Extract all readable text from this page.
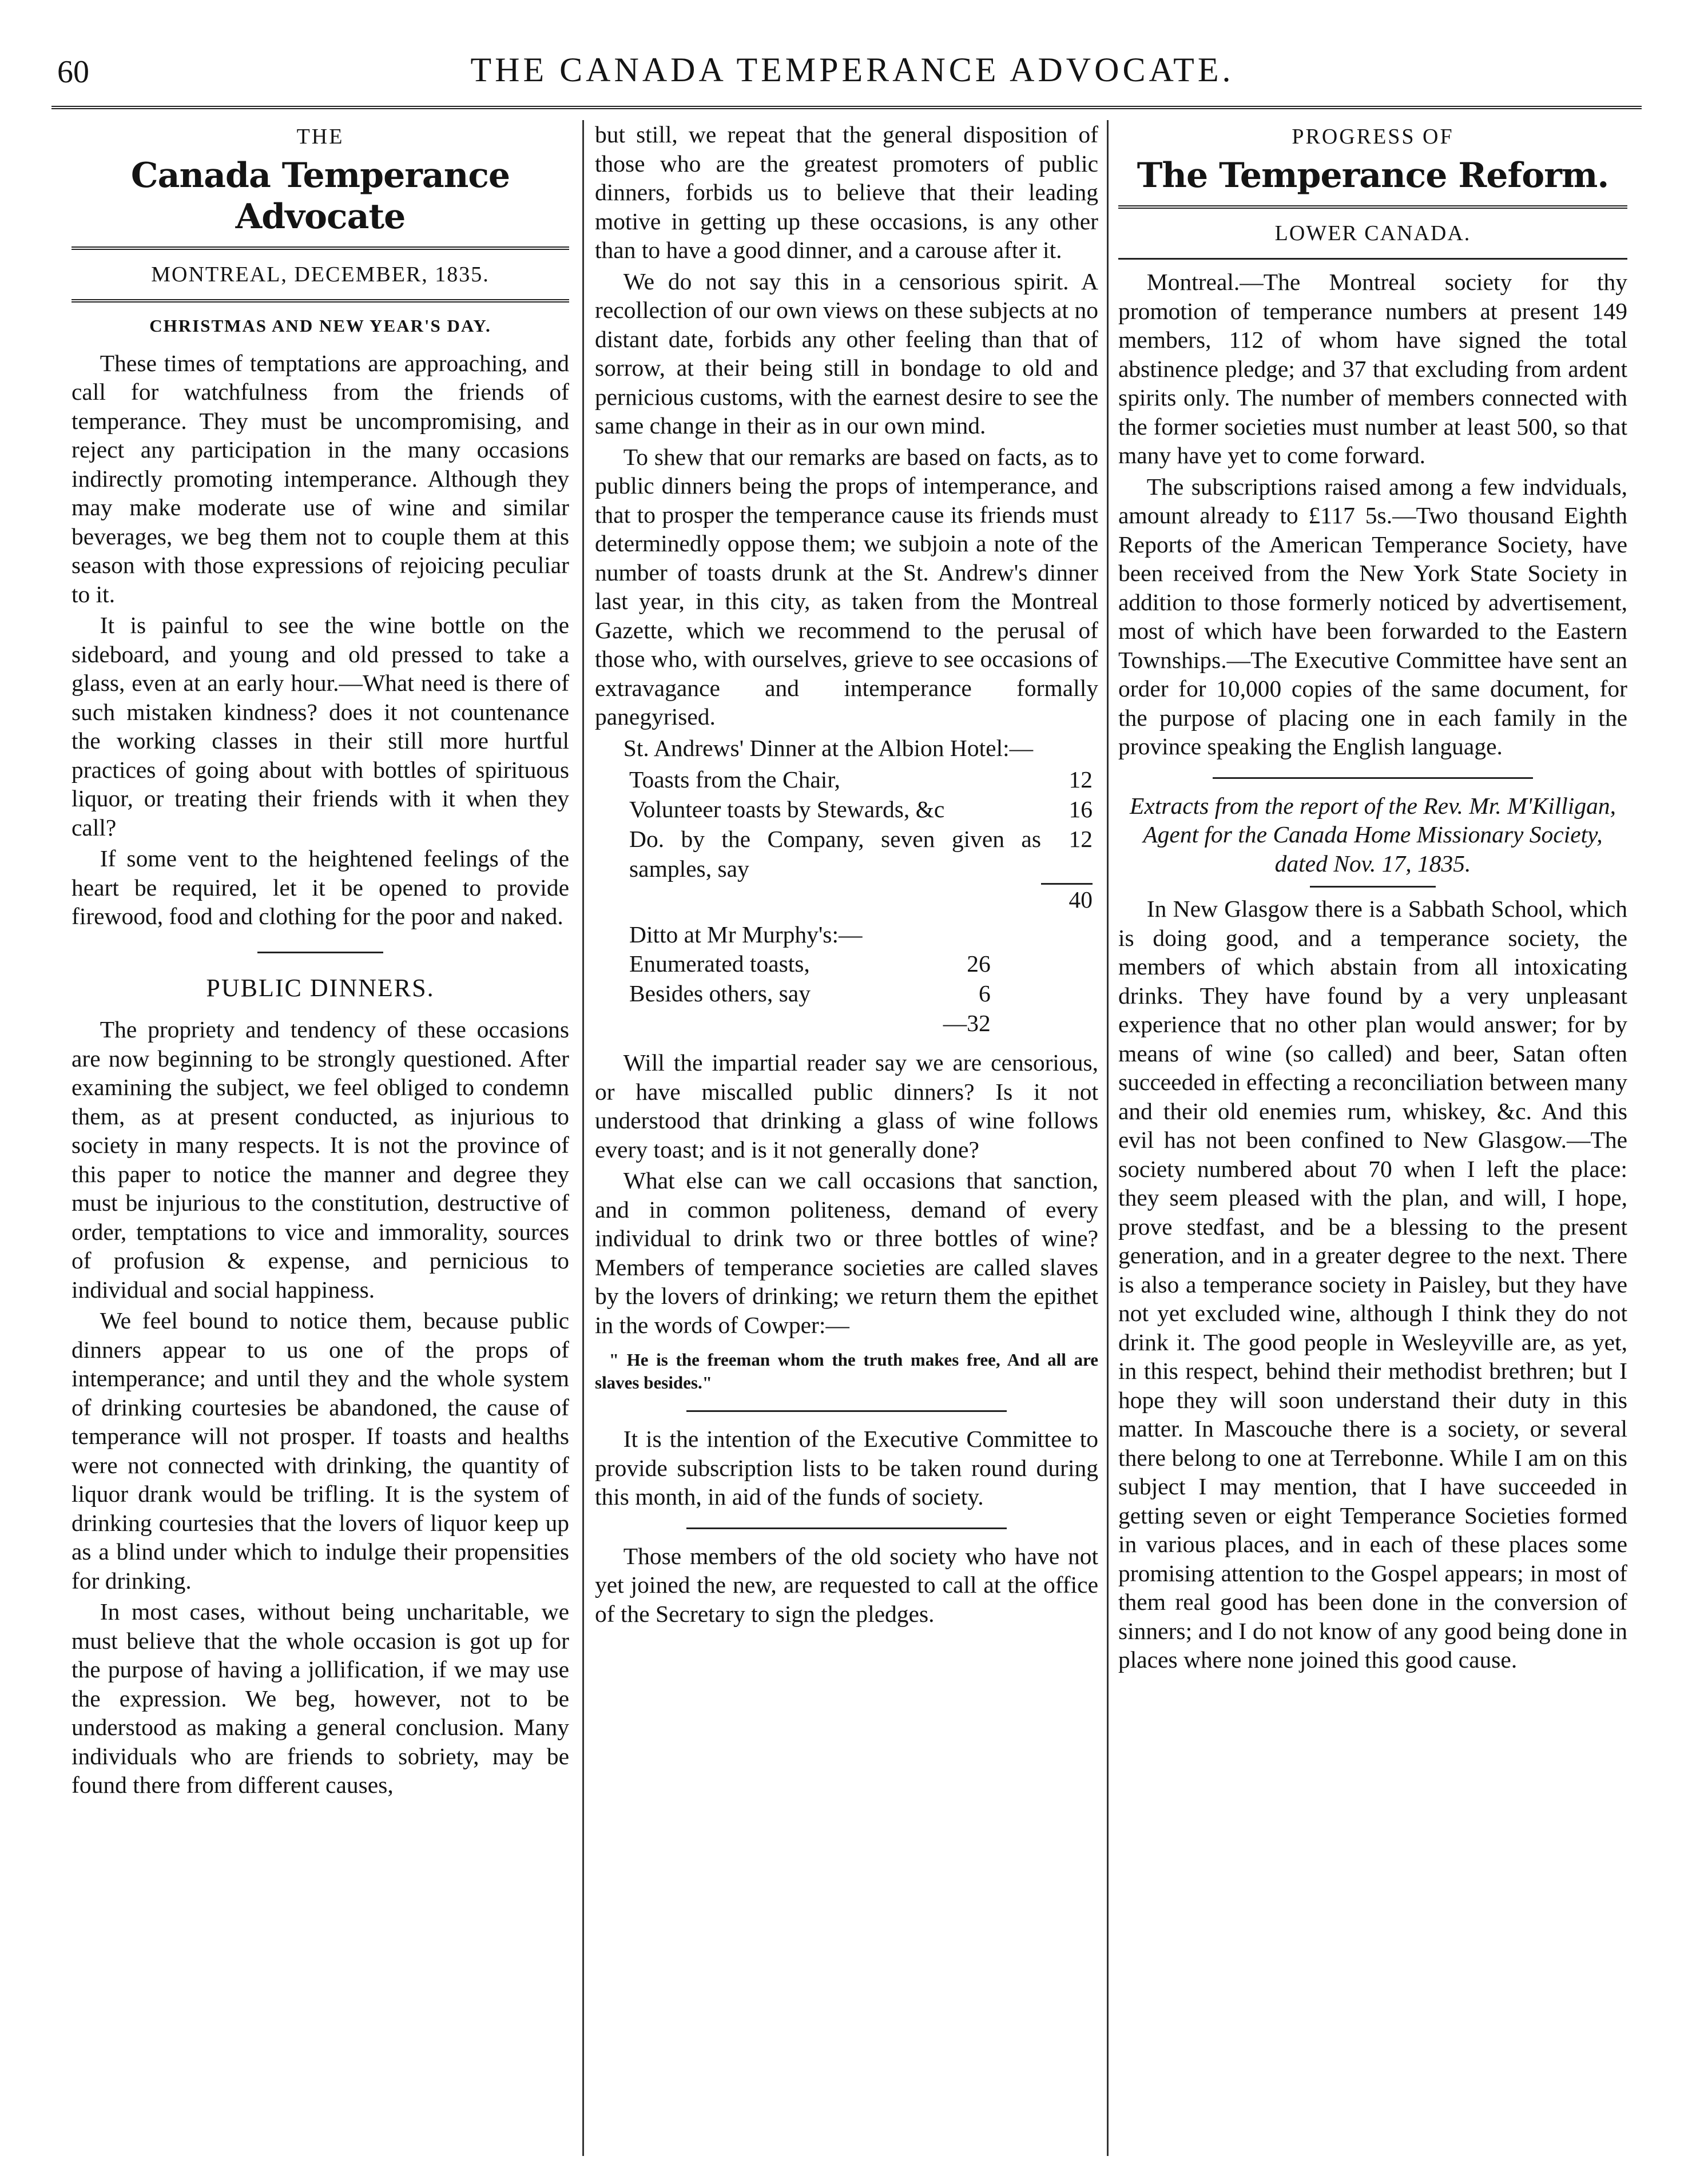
60	THE CANADA TEMPERANCE ADVOCATE.
THE
Canada Temperance Advocate
MONTREAL, DECEMBER, 1835.
CHRISTMAS AND NEW YEAR'S DAY.

These times of temptations are approaching, and call for watchfulness from the friends of temperance. They must be uncompromising, and reject any participation in the many occasions indirectly promoting intemperance. Although they may make moderate use of wine and similar beverages, we beg them not to couple them at this season with those expressions of rejoicing peculiar to it.

It is painful to see the wine bottle on the sideboard, and young and old pressed to take a glass, even at an early hour.—What need is there of such mistaken kindness? does it not countenance the working classes in their still more hurtful practices of going about with bottles of spirituous liquor, or treating their friends with it when they call?

If some vent to the heightened feelings of the heart be required, let it be opened to provide firewood, food and clothing for the poor and naked.

PUBLIC DINNERS.

The propriety and tendency of these occasions are now beginning to be strongly questioned. After examining the subject, we feel obliged to condemn them, as at present conducted, as injurious to society in many respects. It is not the province of this paper to notice the manner and degree they must be injurious to the constitution, destructive of order, temptations to vice and immorality, sources of profusion & expense, and pernicious to individual and social happiness.

We feel bound to notice them, because public dinners appear to us one of the props of intemperance; and until they and the whole system of drinking courtesies be abandoned, the cause of temperance will not prosper. If toasts and healths were not connected with drinking, the quantity of liquor drank would be trifling. It is the system of drinking courtesies that the lovers of liquor keep up as a blind under which to indulge their propensities for drinking.

In most cases, without being uncharitable, we must believe that the whole occasion is got up for the purpose of having a jollification, if we may use the expression. We beg, however, not to be understood as making a general conclusion. Many individuals who are friends to sobriety, may be found there from different causes,

but still, we repeat that the general disposition of those who are the greatest promoters of public dinners, forbids us to believe that their leading motive in getting up these occasions, is any other than to have a good dinner, and a carouse after it.

We do not say this in a censorious spirit. A recollection of our own views on these subjects at no distant date, forbids any other feeling than that of sorrow, at their being still in bondage to old and pernicious customs, with the earnest desire to see the same change in their as in our own mind.

To shew that our remarks are based on facts, as to public dinners being the props of intemperance, and that to prosper the temperance cause its friends must determinedly oppose them; we subjoin a note of the number of toasts drunk at the St. Andrew's dinner last year, in this city, as taken from the Montreal Gazette, which we recommend to the perusal of those who, with ourselves, grieve to see occasions of extravagance and intemperance formally panegyrised.

St. Andrews' Dinner at the Albion Hotel:—

Toasts from the Chair,	12
Volunteer toasts by Stewards, &c	16
Do. by the Company, seven given as samples, say	12
	40
Ditto at Mr Murphy's:—
Enumerated toasts,	26
Besides others, say	6
	—32

Will the impartial reader say we are censorious, or have miscalled public dinners? Is it not understood that drinking a glass of wine follows every toast; and is it not generally done?

What else can we call occasions that sanction, and in common politeness, demand of every individual to drink two or three bottles of wine? Members of temperance societies are called slaves by the lovers of drinking; we return them the epithet in the words of Cowper:—

" He is the freeman whom the truth makes free, And all are slaves besides."

It is the intention of the Executive Committee to provide subscription lists to be taken round during this month, in aid of the funds of society.

Those members of the old society who have not yet joined the new, are requested to call at the office of the Secretary to sign the pledges.

PROGRESS OF
The Temperance Reform.
LOWER CANADA.

Montreal.—The Montreal society for thy promotion of temperance numbers at present 149 members, 112 of whom have signed the total abstinence pledge; and 37 that excluding from ardent spirits only. The number of members connected with the former societies must number at least 500, so that many have yet to come forward.

The subscriptions raised among a few indviduals, amount already to £117 5s.—Two thousand Eighth Reports of the American Temperance Society, have been received from the New York State Society in addition to those formerly noticed by advertisement, most of which have been forwarded to the Eastern Townships.—The Executive Committee have sent an order for 10,000 copies of the same document, for the purpose of placing one in each family in the province speaking the English language.

Extracts from the report of the Rev. Mr. M'Killigan, Agent for the Canada Home Missionary Society, dated Nov. 17, 1835.

In New Glasgow there is a Sabbath School, which is doing good, and a temperance society, the members of which abstain from all intoxicating drinks. They have found by a very unpleasant experience that no other plan would answer; for by means of wine (so called) and beer, Satan often succeeded in effecting a reconciliation between many and their old enemies rum, whiskey, &c. And this evil has not been confined to New Glasgow.—The society numbered about 70 when I left the place: they seem pleased with the plan, and will, I hope, prove stedfast, and be a blessing to the present generation, and in a greater degree to the next. There is also a temperance society in Paisley, but they have not yet excluded wine, although I think they do not drink it. The good people in Wesleyville are, as yet, in this respect, behind their methodist brethren; but I hope they will soon understand their duty in this matter. In Mascouche there is a society, or several there belong to one at Terrebonne. While I am on this subject I may mention, that I have succeeded in getting seven or eight Temperance Societies formed in various places, and in each of these places some promising attention to the Gospel appears; in most of them real good has been done in the conversion of sinners; and I do not know of any good being done in places where none joined this good cause.
